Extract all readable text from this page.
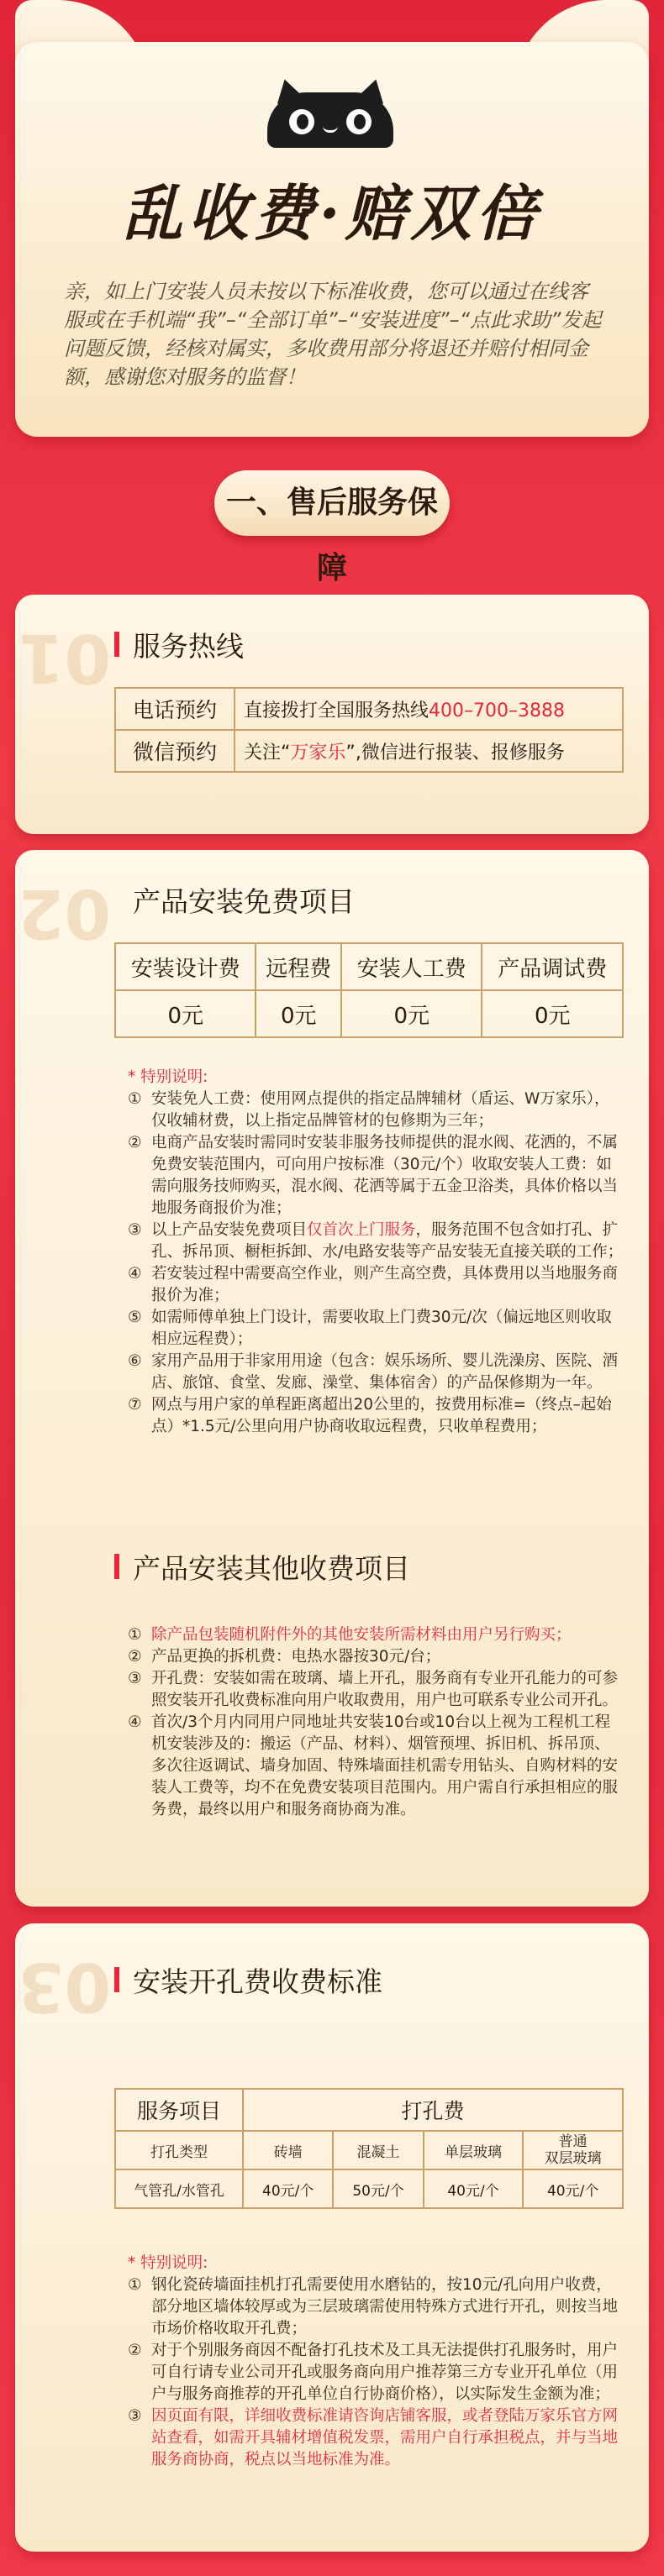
乱收费·赔双倍
亲，如上门安装人员未按以下标准收费，您可以通过在线客服或在手机端“我”–“全部订单”–“安装进度”–“点此求助”发起问题反馈，经核对属实，多收费用部分将退还并赔付相同金额，感谢您对服务的监督！
一、售后服务保障
01 服务热线
电话预约	直接拨打全国服务热线400–700–3888
微信预约	关注“万家乐”,微信进行报装、报修服务
02 产品安装免费项目
安装设计费	远程费	安装人工费	产品调试费
0元	0元	0元	0元

* 特别说明:

① 安装免人工费：使用网点提供的指定品牌辅材（盾运、W万家乐），仅收辅材费，以上指定品牌管材的包修期为三年；
② 电商产品安装时需同时安装非服务技师提供的混水阀、花洒的，不属免费安装范围内，可向用户按标准（30元/个）收取安装人工费：如需向服务技师购买，混水阀、花洒等属于五金卫浴类，具体价格以当地服务商报价为准；
③ 以上产品安装免费项目仅首次上门服务，服务范围不包含如打孔、扩孔、拆吊顶、橱柜拆卸、水/电路安装等产品安装无直接关联的工作；
④ 若安装过程中需要高空作业，则产生高空费，具体费用以当地服务商报价为准；
⑤ 如需师傅单独上门设计，需要收取上门费30元/次（偏远地区则收取相应远程费）；
⑥ 家用产品用于非家用用途（包含：娱乐场所、婴儿洗澡房、医院、酒店、旅馆、食堂、发廊、澡堂、集体宿舍）的产品保修期为一年。
⑦ 网点与用户家的单程距离超出20公里的，按费用标准=（终点–起始点）*1.5元/公里向用户协商收取远程费，只收单程费用；
产品安装其他收费项目
① 除产品包装随机附件外的其他安装所需材料由用户另行购买；
② 产品更换的拆机费：电热水器按30元/台；
③ 开孔费：安装如需在玻璃、墙上开孔，服务商有专业开孔能力的可参照安装开孔收费标准向用户收取费用，用户也可联系专业公司开孔。
④ 首次/3个月内同用户同地址共安装10台或10台以上视为工程机工程机安装涉及的：搬运（产品、材料）、烟管预埋、拆旧机、拆吊顶、多次往返调试、墙身加固、特殊墙面挂机需专用钻头、自购材料的安装人工费等，均不在免费安装项目范围内。用户需自行承担相应的服务费，最终以用户和服务商协商为准。
03 安装开孔费收费标准
服务项目	打孔费			
打孔类型	砖墙	混凝土	单层玻璃	普通
双层玻璃
气管孔/水管孔	40元/个	50元/个	40元/个	40元/个

* 特别说明:

① 钢化瓷砖墙面挂机打孔需要使用水磨钻的，按10元/孔向用户收费，部分地区墙体较厚或为三层玻璃需使用特殊方式进行开孔，则按当地市场价格收取开孔费；
② 对于个别服务商因不配备打孔技术及工具无法提供打孔服务时，用户可自行请专业公司开孔或服务商向用户推荐第三方专业开孔单位（用户与服务商推荐的开孔单位自行协商价格），以实际发生金额为准；
③ 因页面有限，详细收费标准请咨询店铺客服，或者登陆万家乐官方网站查看，如需开具辅材增值税发票，需用户自行承担税点，并与当地服务商协商，税点以当地标准为准。
